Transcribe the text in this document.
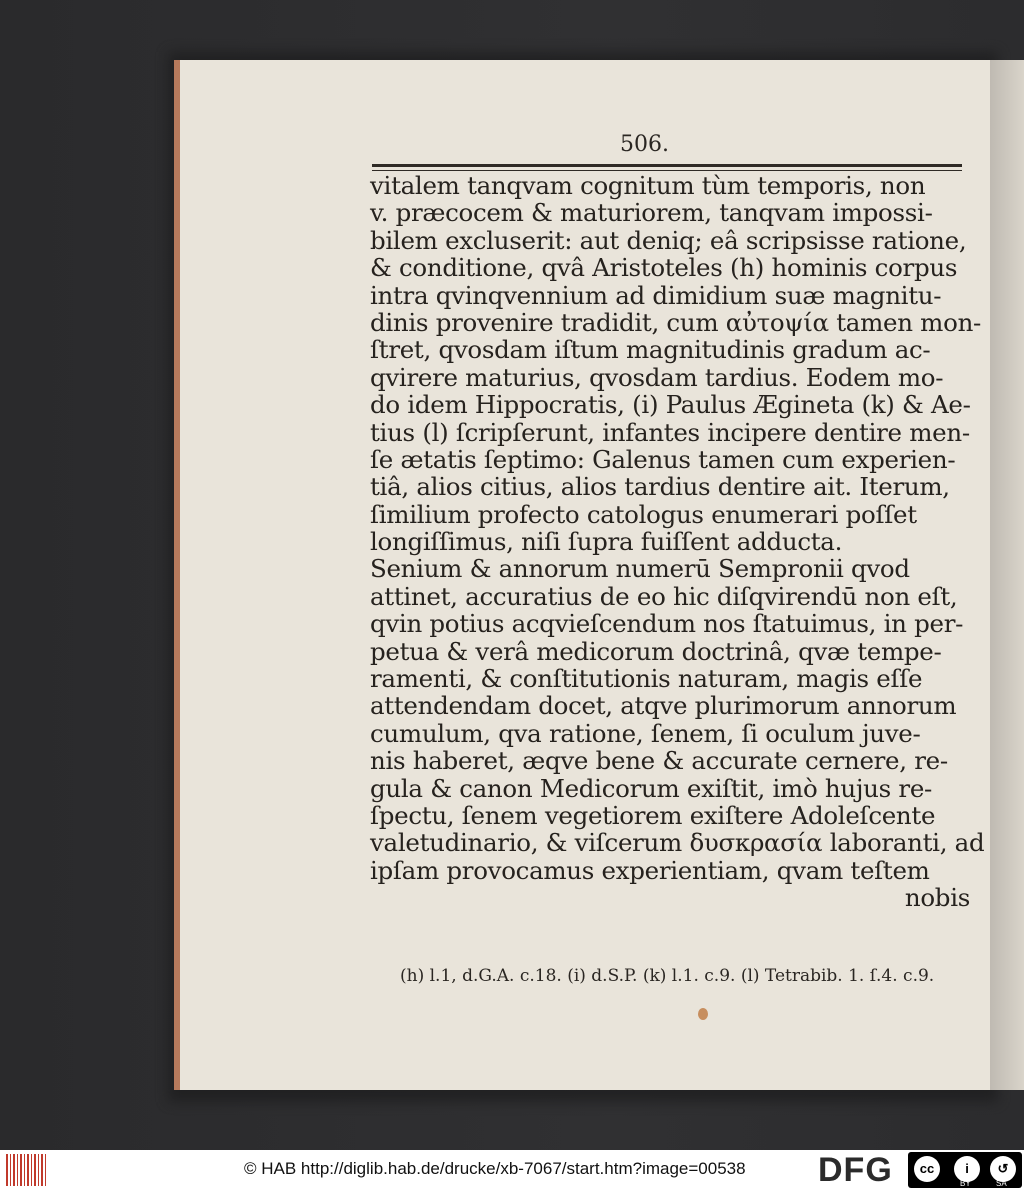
506.
vitalem tanqvam cognitum tùm temporis, non
v. præcocem & maturiorem, tanqvam impossi-
bilem excluserit: aut deniq; eâ scripsisse ratione,
& conditione, qvâ Aristoteles (h) hominis corpus
intra qvinqvennium ad dimidium suæ magnitu-
dinis provenire tradidit, cum αὐτοψία tamen mon-
ſtret, qvosdam iſtum magnitudinis gradum ac-
qvirere maturius, qvosdam tardius. Eodem mo-
do idem Hippocratis, (i) Paulus Ægineta (k) & Ae-
tius (l) ſcripſerunt, infantes incipere dentire men-
ſe ætatis ſeptimo: Galenus tamen cum experien-
tiâ, alios citius, alios tardius dentire ait. Iterum,
ſimilium profecto catologus enumerari poſſet
longiſſimus, niſi ſupra fuiſſent adducta.
Senium & annorum numerū Sempronii qvod
attinet, accuratius de eo hic diſqvirendū non eſt,
qvin potius acqvieſcendum nos ſtatuimus, in per-
petua & verâ medicorum doctrinâ, qvæ tempe-
ramenti, & conſtitutionis naturam, magis eſſe
attendendam docet, atqve plurimorum annorum
cumulum, qva ratione, ſenem, ſi oculum juve-
nis haberet, æqve bene & accurate cernere, re-
gula & canon Medicorum exiſtit, imò hujus re-
ſpectu, ſenem vegetiorem exiſtere Adoleſcente
valetudinario, & viſcerum δυσκρασία laboranti, ad
ipſam provocamus experientiam, qvam teſtem
nobis
(h) l.1, d.G.A. c.18. (i) d.S.P. (k) l.1. c.9. (l) Tetrabib. 1. ſ.4. c.9.
© HAB http://diglib.hab.de/drucke/xb-7067/start.htm?image=00538 DFG	cc	i	↺
BY	SA
